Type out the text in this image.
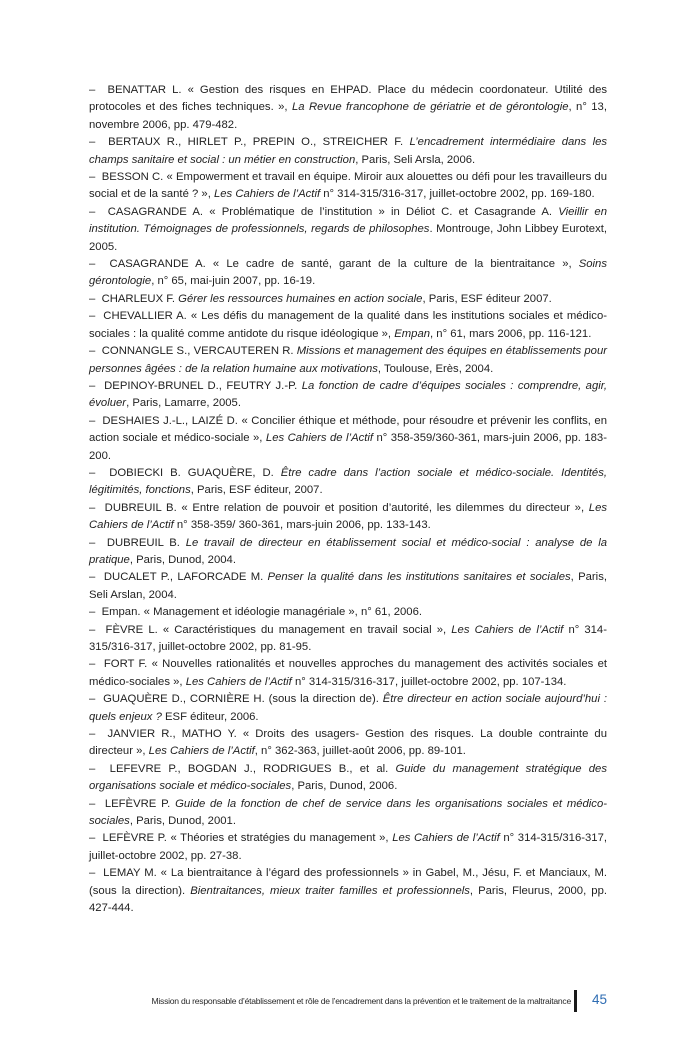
– BENATTAR L. « Gestion des risques en EHPAD. Place du médecin coordonateur. Utilité des protocoles et des fiches techniques. », La Revue francophone de gériatrie et de gérontologie, n° 13, novembre 2006, pp. 479-482.
– BERTAUX R., HIRLET P., PREPIN O., STREICHER F. L’encadrement intermédiaire dans les champs sanitaire et social : un métier en construction, Paris, Seli Arsla, 2006.
– BESSON C. « Empowerment et travail en équipe. Miroir aux alouettes ou défi pour les travailleurs du social et de la santé ? », Les Cahiers de l’Actif n° 314-315/316-317, juillet-octobre 2002, pp. 169-180.
– CASAGRANDE A. « Problématique de l’institution » in Déliot C. et Casagrande A. Vieillir en institution. Témoignages de professionnels, regards de philosophes. Montrouge, John Libbey Eurotext, 2005.
– CASAGRANDE A. « Le cadre de santé, garant de la culture de la bientraitance », Soins gérontologie, n° 65, mai-juin 2007, pp. 16-19.
– CHARLEUX F. Gérer les ressources humaines en action sociale, Paris, ESF éditeur 2007.
– CHEVALLIER A. « Les défis du management de la qualité dans les institutions sociales et médico-sociales : la qualité comme antidote du risque idéologique », Empan, n° 61, mars 2006, pp. 116-121.
– CONNANGLE S., VERCAUTEREN R. Missions et management des équipes en établissements pour personnes âgées : de la relation humaine aux motivations, Toulouse, Erès, 2004.
– DEPINOY-BRUNEL D., FEUTRY J.-P. La fonction de cadre d’équipes sociales : comprendre, agir, évoluer, Paris, Lamarre, 2005.
– DESHAIES J.-L., LAIZÉ D. « Concilier éthique et méthode, pour résoudre et prévenir les conflits, en action sociale et médico-sociale », Les Cahiers de l’Actif n° 358-359/360-361, mars-juin 2006, pp. 183-200.
– DOBIECKI B. GUAQUÈRE, D. Être cadre dans l’action sociale et médico-sociale. Identités, légitimités, fonctions, Paris, ESF éditeur, 2007.
– DUBREUIL B. « Entre relation de pouvoir et position d’autorité, les dilemmes du directeur », Les Cahiers de l’Actif n° 358-359/ 360-361, mars-juin 2006, pp. 133-143.
– DUBREUIL B. Le travail de directeur en établissement social et médico-social : analyse de la pratique, Paris, Dunod, 2004.
– DUCALET P., LAFORCADE M. Penser la qualité dans les institutions sanitaires et sociales, Paris, Seli Arslan, 2004.
– Empan. « Management et idéologie managériale », n° 61, 2006.
– FÈVRE L. « Caractéristiques du management en travail social », Les Cahiers de l’Actif n° 314-315/316-317, juillet-octobre 2002, pp. 81-95.
– FORT F. « Nouvelles rationalités et nouvelles approches du management des activités sociales et médico-sociales », Les Cahiers de l’Actif n° 314-315/316-317, juillet-octobre 2002, pp. 107-134.
– GUAQUÈRE D., CORNIÈRE H. (sous la direction de). Être directeur en action sociale aujourd’hui : quels enjeux ? ESF éditeur, 2006.
– JANVIER R., MATHO Y. « Droits des usagers- Gestion des risques. La double contrainte du directeur », Les Cahiers de l’Actif, n° 362-363, juillet-août 2006, pp. 89-101.
– LEFEVRE P., BOGDAN J., RODRIGUES B., et al. Guide du management stratégique des organisations sociale et médico-sociales, Paris, Dunod, 2006.
– LEFÈVRE P. Guide de la fonction de chef de service dans les organisations sociales et médico-sociales, Paris, Dunod, 2001.
– LEFÈVRE P. « Théories et stratégies du management », Les Cahiers de l’Actif n° 314-315/316-317, juillet-octobre 2002, pp. 27-38.
– LEMAY M. « La bientraitance à l’égard des professionnels » in Gabel, M., Jésu, F. et Manciaux, M. (sous la direction). Bientraitances, mieux traiter familles et professionnels, Paris, Fleurus, 2000, pp. 427-444.
Mission du responsable d’établissement et rôle de l’encadrement dans la prévention et le traitement de la maltraitance 45
